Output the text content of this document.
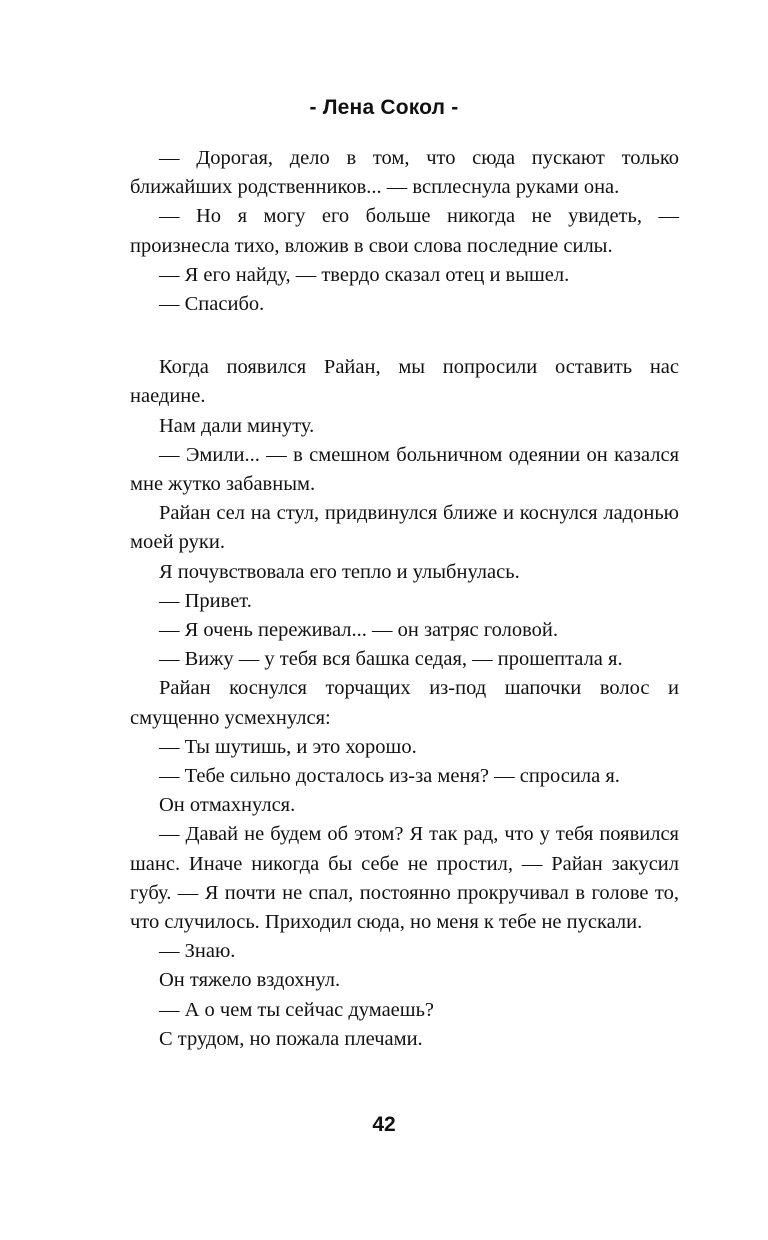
- Лена Сокол -

— Дорогая, дело в том, что сюда пускают только ближайших родственников... — всплеснула руками она.

— Но я могу его больше никогда не увидеть, — произнесла тихо, вложив в свои слова последние силы.

— Я его найду, — твердо сказал отец и вышел.

— Спасибо.

Когда появился Райан, мы попросили оставить нас наедине.

Нам дали минуту.

— Эмили... — в смешном больничном одеянии он казался мне жутко забавным.

Райан сел на стул, придвинулся ближе и коснулся ладонью моей руки.

Я почувствовала его тепло и улыбнулась.

— Привет.

— Я очень переживал... — он затряс головой.

— Вижу — у тебя вся башка седая, — прошептала я.

Райан коснулся торчащих из-под шапочки волос и смущенно усмехнулся:

— Ты шутишь, и это хорошо.

— Тебе сильно досталось из-за меня? — спросила я.

Он отмахнулся.

— Давай не будем об этом? Я так рад, что у тебя появился шанс. Иначе никогда бы себе не простил, — Райан закусил губу. — Я почти не спал, постоянно прокручивал в голове то, что случилось. Приходил сюда, но меня к тебе не пускали.

— Знаю.

Он тяжело вздохнул.

— А о чем ты сейчас думаешь?

С трудом, но пожала плечами.

42
